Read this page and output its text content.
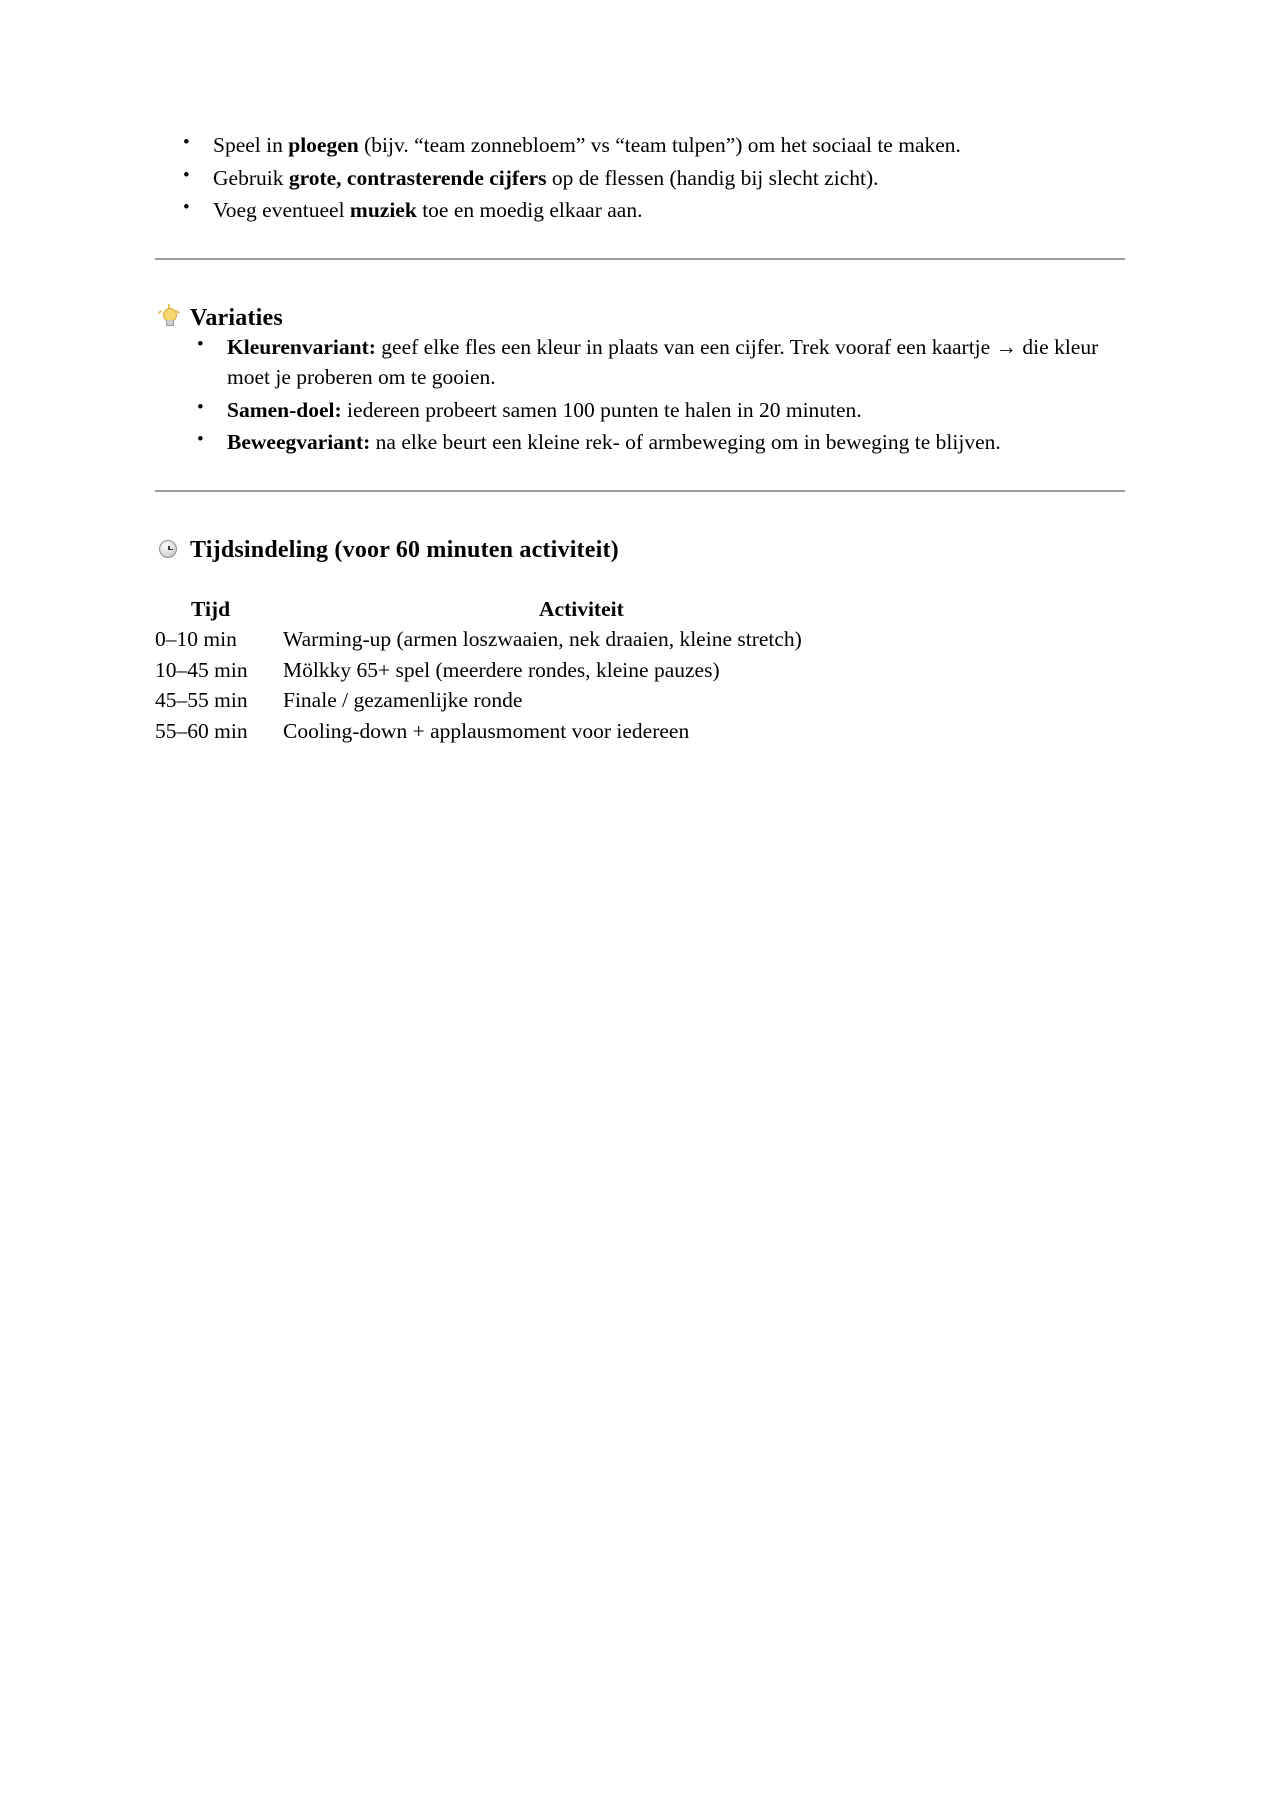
• Speel in ploegen (bijv. “team zonnebloem” vs “team tulpen”) om het sociaal te maken.
• Gebruik grote, contrasterende cijfers op de flessen (handig bij slecht zicht).
• Voeg eventueel muziek toe en moedig elkaar aan.
Variaties
• Kleurenvariant: geef elke fles een kleur in plaats van een cijfer. Trek vooraf een kaartje → die kleur moet je proberen om te gooien.
• Samen-doel: iedereen probeert samen 100 punten te halen in 20 minuten.
• Beweegvariant: na elke beurt een kleine rek- of armbeweging om in beweging te blijven.
Tijdsindeling (voor 60 minuten activiteit)
Tijd	Activiteit
0–10 min	Warming-up (armen loszwaaien, nek draaien, kleine stretch)
10–45 min	Mölkky 65+ spel (meerdere rondes, kleine pauzes)
45–55 min	Finale / gezamenlijke ronde
55–60 min	Cooling-down + applausmoment voor iedereen
